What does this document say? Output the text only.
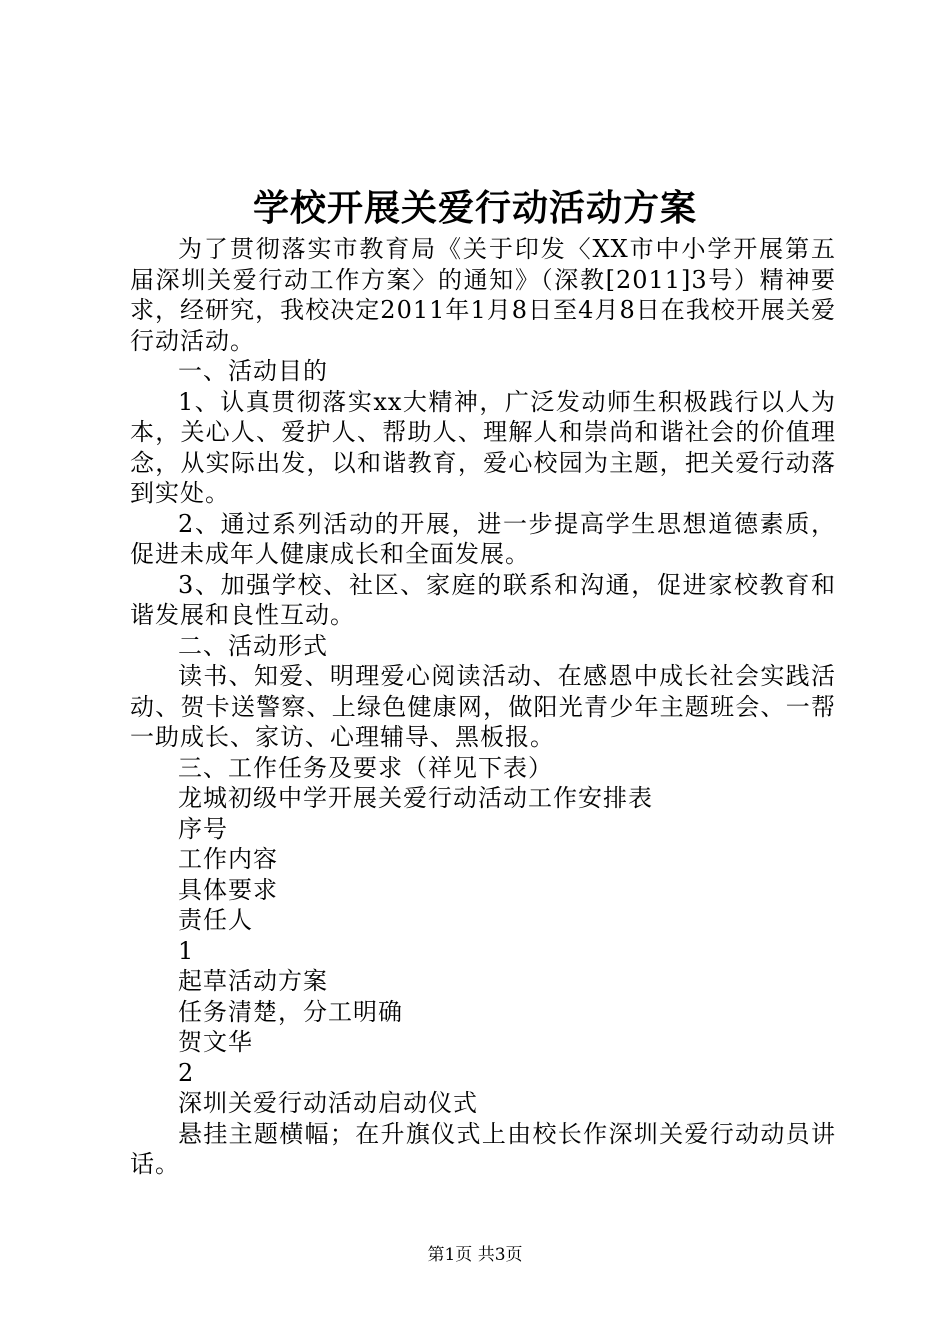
学校开展关爱行动活动方案

为了贯彻落实市教育局《关于印发〈XX市中小学开展第五届深圳关爱行动工作方案〉的通知》（深教[2011]3号）精神要求，经研究，我校决定2011年1月8日至4月8日在我校开展关爱行动活动。

一、活动目的

1、认真贯彻落实xx大精神，广泛发动师生积极践行以人为本，关心人、爱护人、帮助人、理解人和崇尚和谐社会的价值理念，从实际出发，以和谐教育，爱心校园为主题，把关爱行动落到实处。

2、通过系列活动的开展，进一步提高学生思想道德素质，促进未成年人健康成长和全面发展。

3、加强学校、社区、家庭的联系和沟通，促进家校教育和谐发展和良性互动。

二、活动形式

读书、知爱、明理爱心阅读活动、在感恩中成长社会实践活动、贺卡送警察、上绿色健康网，做阳光青少年主题班会、一帮一助成长、家访、心理辅导、黑板报。

三、工作任务及要求（祥见下表）

龙城初级中学开展关爱行动活动工作安排表

序号

工作内容

具体要求

责任人

1

起草活动方案

任务清楚，分工明确

贺文华

2

深圳关爱行动活动启动仪式

悬挂主题横幅；在升旗仪式上由校长作深圳关爱行动动员讲话。

第1页 共3页
